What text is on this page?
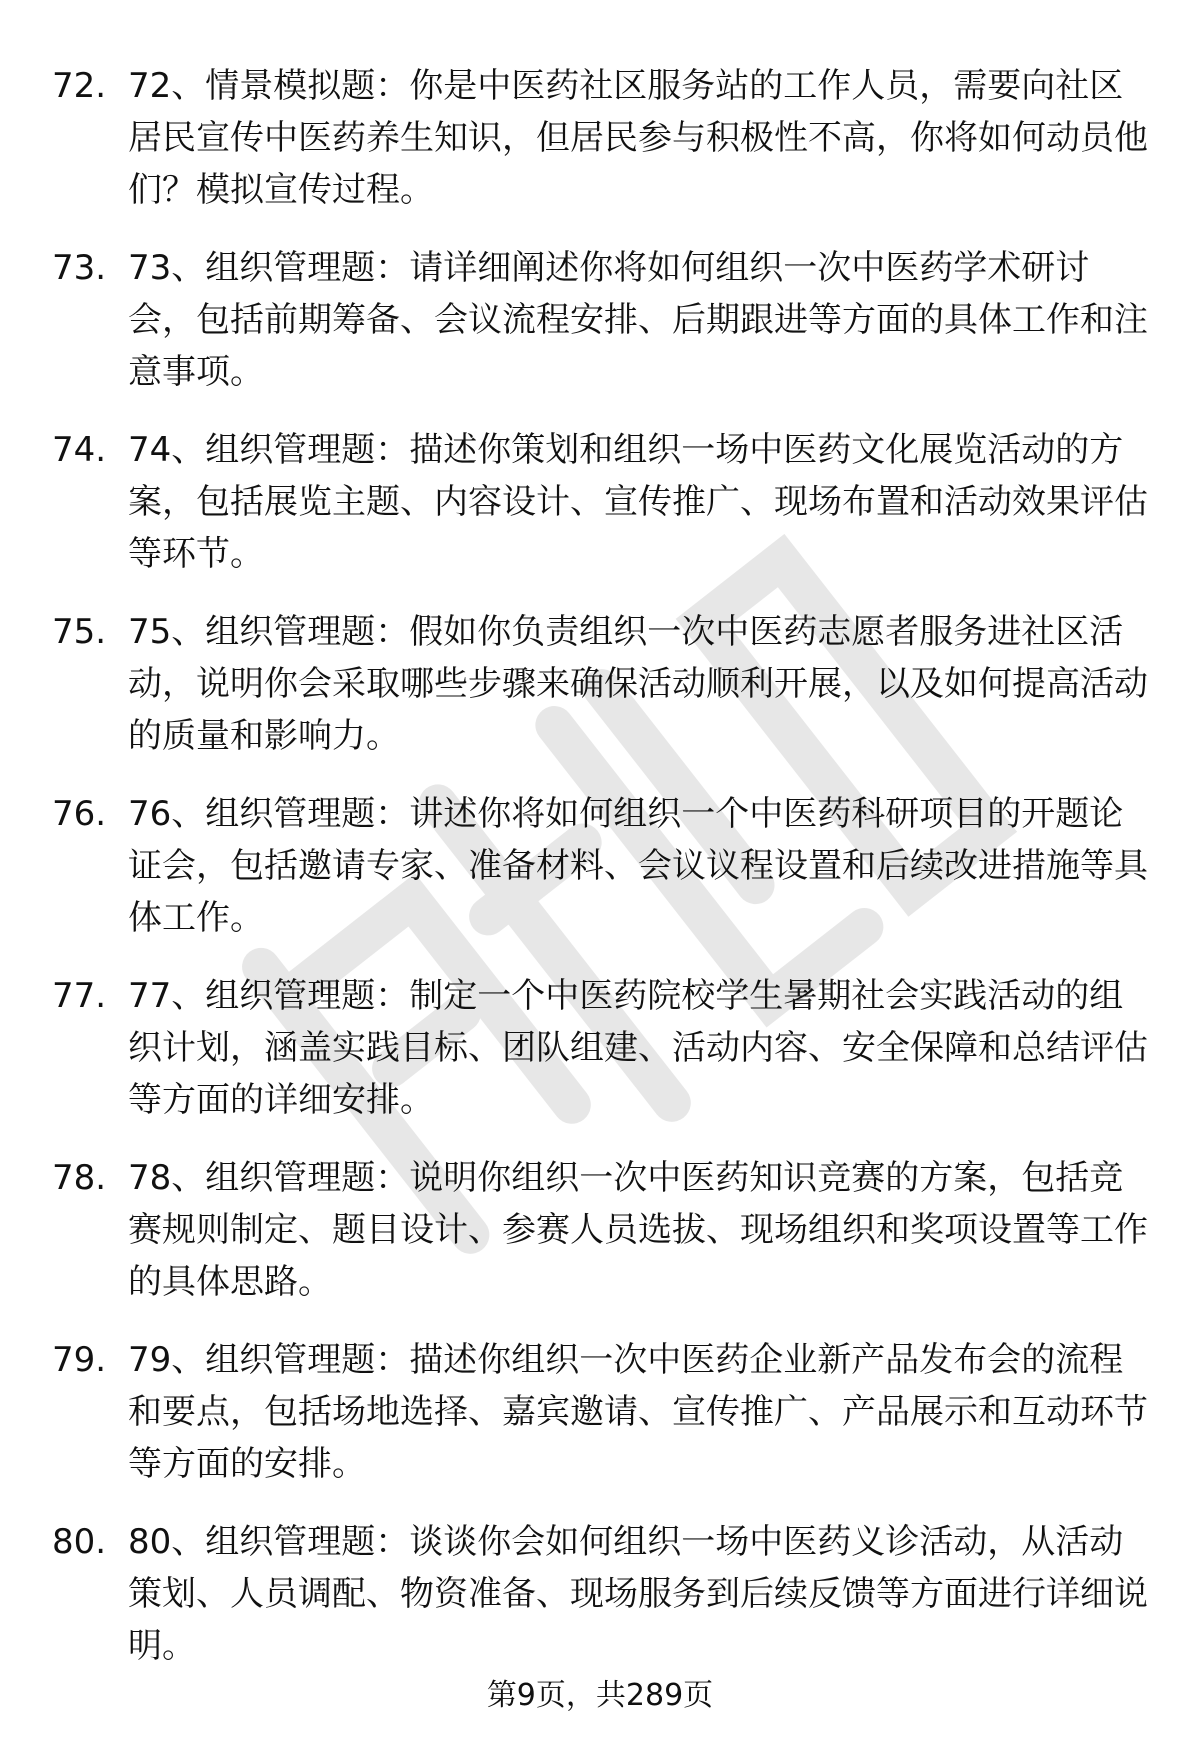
72. 72、情景模拟题：你是中医药社区服务站的工作人员，需要向社区居民宣传中医药养生知识，但居民参与积极性不高，你将如何动员他们？模拟宣传过程。
73. 73、组织管理题：请详细阐述你将如何组织一次中医药学术研讨会，包括前期筹备、会议流程安排、后期跟进等方面的具体工作和注意事项。
74. 74、组织管理题：描述你策划和组织一场中医药文化展览活动的方案，包括展览主题、内容设计、宣传推广、现场布置和活动效果评估等环节。
75. 75、组织管理题：假如你负责组织一次中医药志愿者服务进社区活动，说明你会采取哪些步骤来确保活动顺利开展，以及如何提高活动的质量和影响力。
76. 76、组织管理题：讲述你将如何组织一个中医药科研项目的开题论证会，包括邀请专家、准备材料、会议议程设置和后续改进措施等具体工作。
77. 77、组织管理题：制定一个中医药院校学生暑期社会实践活动的组织计划，涵盖实践目标、团队组建、活动内容、安全保障和总结评估等方面的详细安排。
78. 78、组织管理题：说明你组织一次中医药知识竞赛的方案，包括竞赛规则制定、题目设计、参赛人员选拔、现场组织和奖项设置等工作的具体思路。
79. 79、组织管理题：描述你组织一次中医药企业新产品发布会的流程和要点，包括场地选择、嘉宾邀请、宣传推广、产品展示和互动环节等方面的安排。
80. 80、组织管理题：谈谈你会如何组织一场中医药义诊活动，从活动策划、人员调配、物资准备、现场服务到后续反馈等方面进行详细说明。
第9页，共289页
